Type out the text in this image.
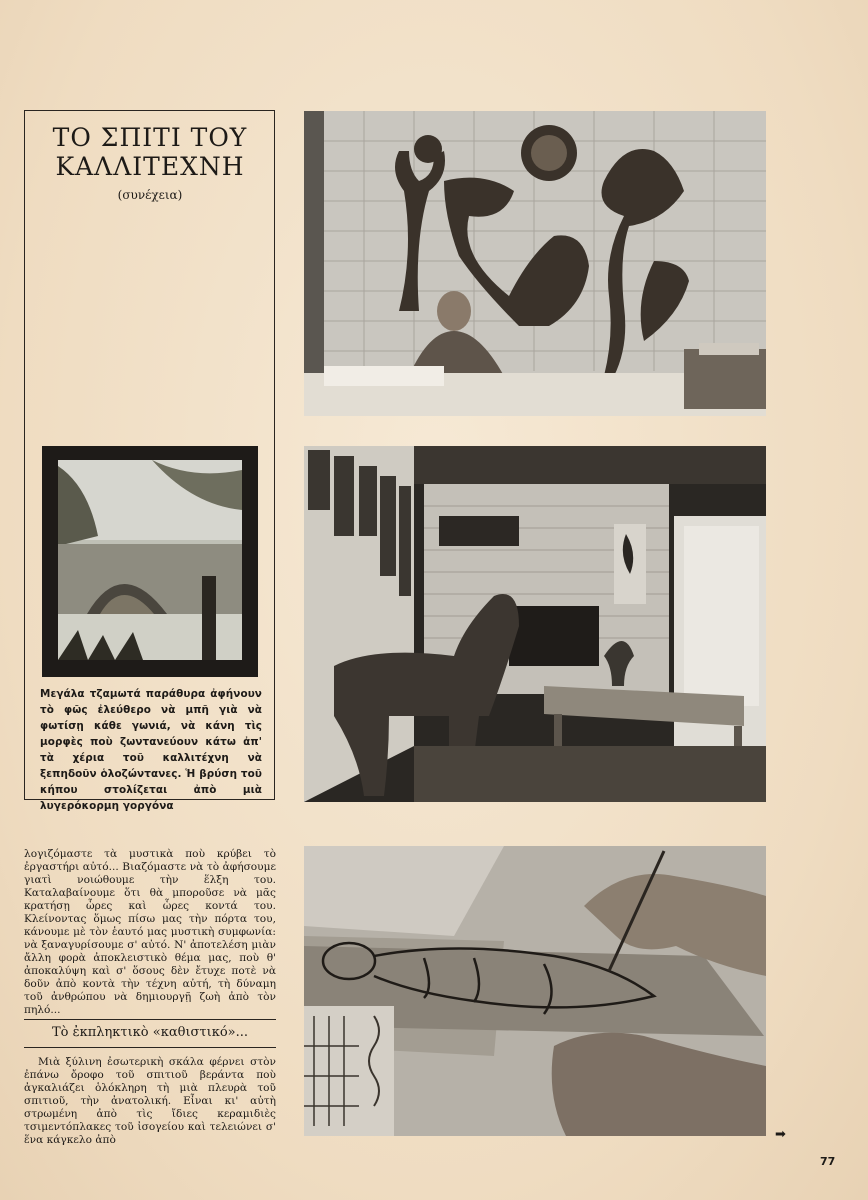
ΤΟ ΣΠΙΤΙ ΤΟΥ
ΚΑΛΛΙΤΕΧΝΗ
(συνέχεια)
Μεγάλα τζαμωτά παράθυρα ἀφήνουν τὸ φῶς ἐλεύθερο νὰ μπῆ γιὰ νὰ φωτίσῃ κάθε γωνιά, νὰ κάνη τὶς μορφὲς ποὺ ζωντανεύουν κάτω ἀπ' τὰ χέρια τοῦ καλλιτέχνη νὰ ξεπηδοῦν ὁλοζώντανες. Ἡ βρύση τοῦ κήπου στολίζεται ἀπὸ μιὰ λυγερόκορμη γοργόνα
λογιζόμαστε τὰ μυστικὰ ποὺ κρύβει τὸ ἐργαστήρι αὐτό... Βιαζόμαστε νὰ τὸ ἀφήσουμε γιατὶ νοιώθουμε τὴν ἕλξη του. Καταλαβαίνουμε ὅτι θὰ μποροῦσε νὰ μᾶς κρατήσῃ ὧρες καὶ ὧρες κοντά του. Κλείνοντας ὅμως πίσω μας τὴν πόρτα του, κάνουμε μὲ τὸν ἑαυτό μας μυστικὴ συμφωνία: νὰ ξαναγυρίσουμε σ' αὐτό. Ν' ἀποτελέση μιὰν ἄλλη φορὰ ἀποκλειστικὸ θέμα μας, ποὺ θ' ἀποκαλύψη καὶ σ' ὅσους δὲν ἔτυχε ποτὲ νὰ δοῦν ἀπὸ κοντὰ τὴν τέχνη αὐτή, τὴ δύναμη τοῦ ἀνθρώπου νὰ δημιουργῇ ζωὴ ἀπὸ τὸν πηλό...
Τὸ ἐκπληκτικὸ «καθιστικό»...
Μιὰ ξύλινη ἐσωτερικὴ σκάλα φέρνει στὸν ἐπάνω ὄροφο τοῦ σπιτιοῦ βεράντα ποὺ ἀγκαλιάζει ὁλόκληρη τὴ μιὰ πλευρὰ τοῦ σπιτιοῦ, τὴν ἀνατολική. Εἶναι κι' αὐτὴ στρωμένη ἀπὸ τὶς ἴδιες κεραμιδιὲς τσιμεντόπλακες τοῦ ἰσογείου καὶ τελειώνει σ' ἕνα κάγκελο ἀπὸ	➡
77
